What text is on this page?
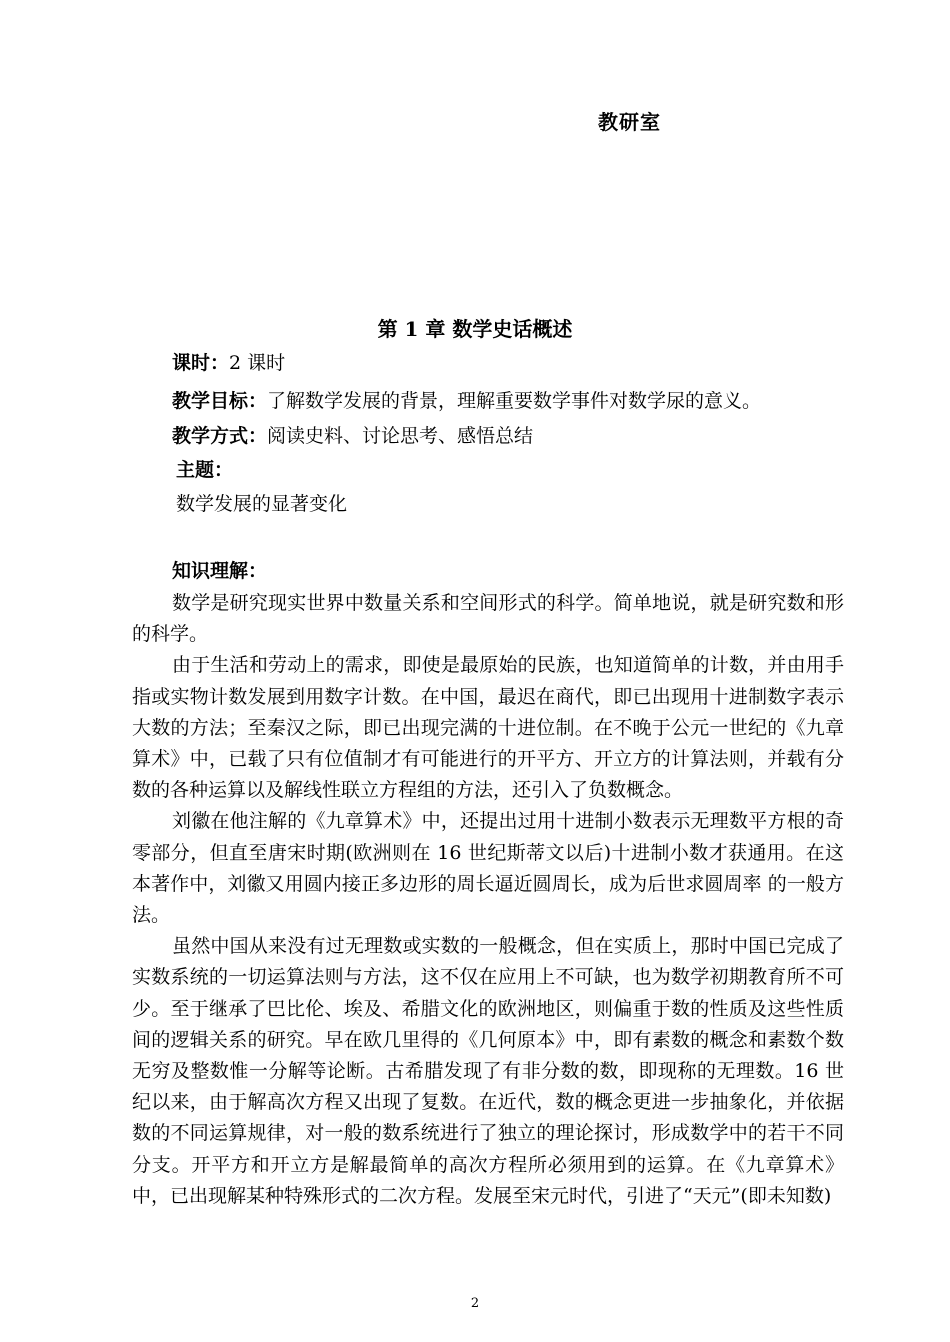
教研室
第 1 章 数学史话概述
课时：2 课时
教学目标：了解数学发展的背景，理解重要数学事件对数学尿的意义。
教学方式：阅读史料、讨论思考、感悟总结
主题：
数学发展的显著变化
知识理解：

数学是研究现实世界中数量关系和空间形式的科学。简单地说，就是研究数和形的科学。

由于生活和劳动上的需求，即使是最原始的民族，也知道简单的计数，并由用手指或实物计数发展到用数字计数。在中国，最迟在商代，即已出现用十进制数字表示大数的方法；至秦汉之际，即已出现完满的十进位制。在不晚于公元一世纪的《九章算术》中，已载了只有位值制才有可能进行的开平方、开立方的计算法则，并载有分数的各种运算以及解线性联立方程组的方法，还引入了负数概念。

刘徽在他注解的《九章算术》中，还提出过用十进制小数表示无理数平方根的奇零部分，但直至唐宋时期(欧洲则在 16 世纪斯蒂文以后)十进制小数才获通用。在这本著作中，刘徽又用圆内接正多边形的周长逼近圆周长，成为后世求圆周率 的一般方法。

虽然中国从来没有过无理数或实数的一般概念，但在实质上，那时中国已完成了实数系统的一切运算法则与方法，这不仅在应用上不可缺，也为数学初期教育所不可少。至于继承了巴比伦、埃及、希腊文化的欧洲地区，则偏重于数的性质及这些性质间的逻辑关系的研究。早在欧几里得的《几何原本》中，即有素数的概念和素数个数无穷及整数惟一分解等论断。古希腊发现了有非分数的数，即现称的无理数。16 世纪以来，由于解高次方程又出现了复数。在近代，数的概念更进一步抽象化，并依据数的不同运算规律，对一般的数系统进行了独立的理论探讨，形成数学中的若干不同分支。开平方和开立方是解最简单的高次方程所必须用到的运算。在《九章算术》中，已出现解某种特殊形式的二次方程。发展至宋元时代，引进了“天元”(即未知数)

2
